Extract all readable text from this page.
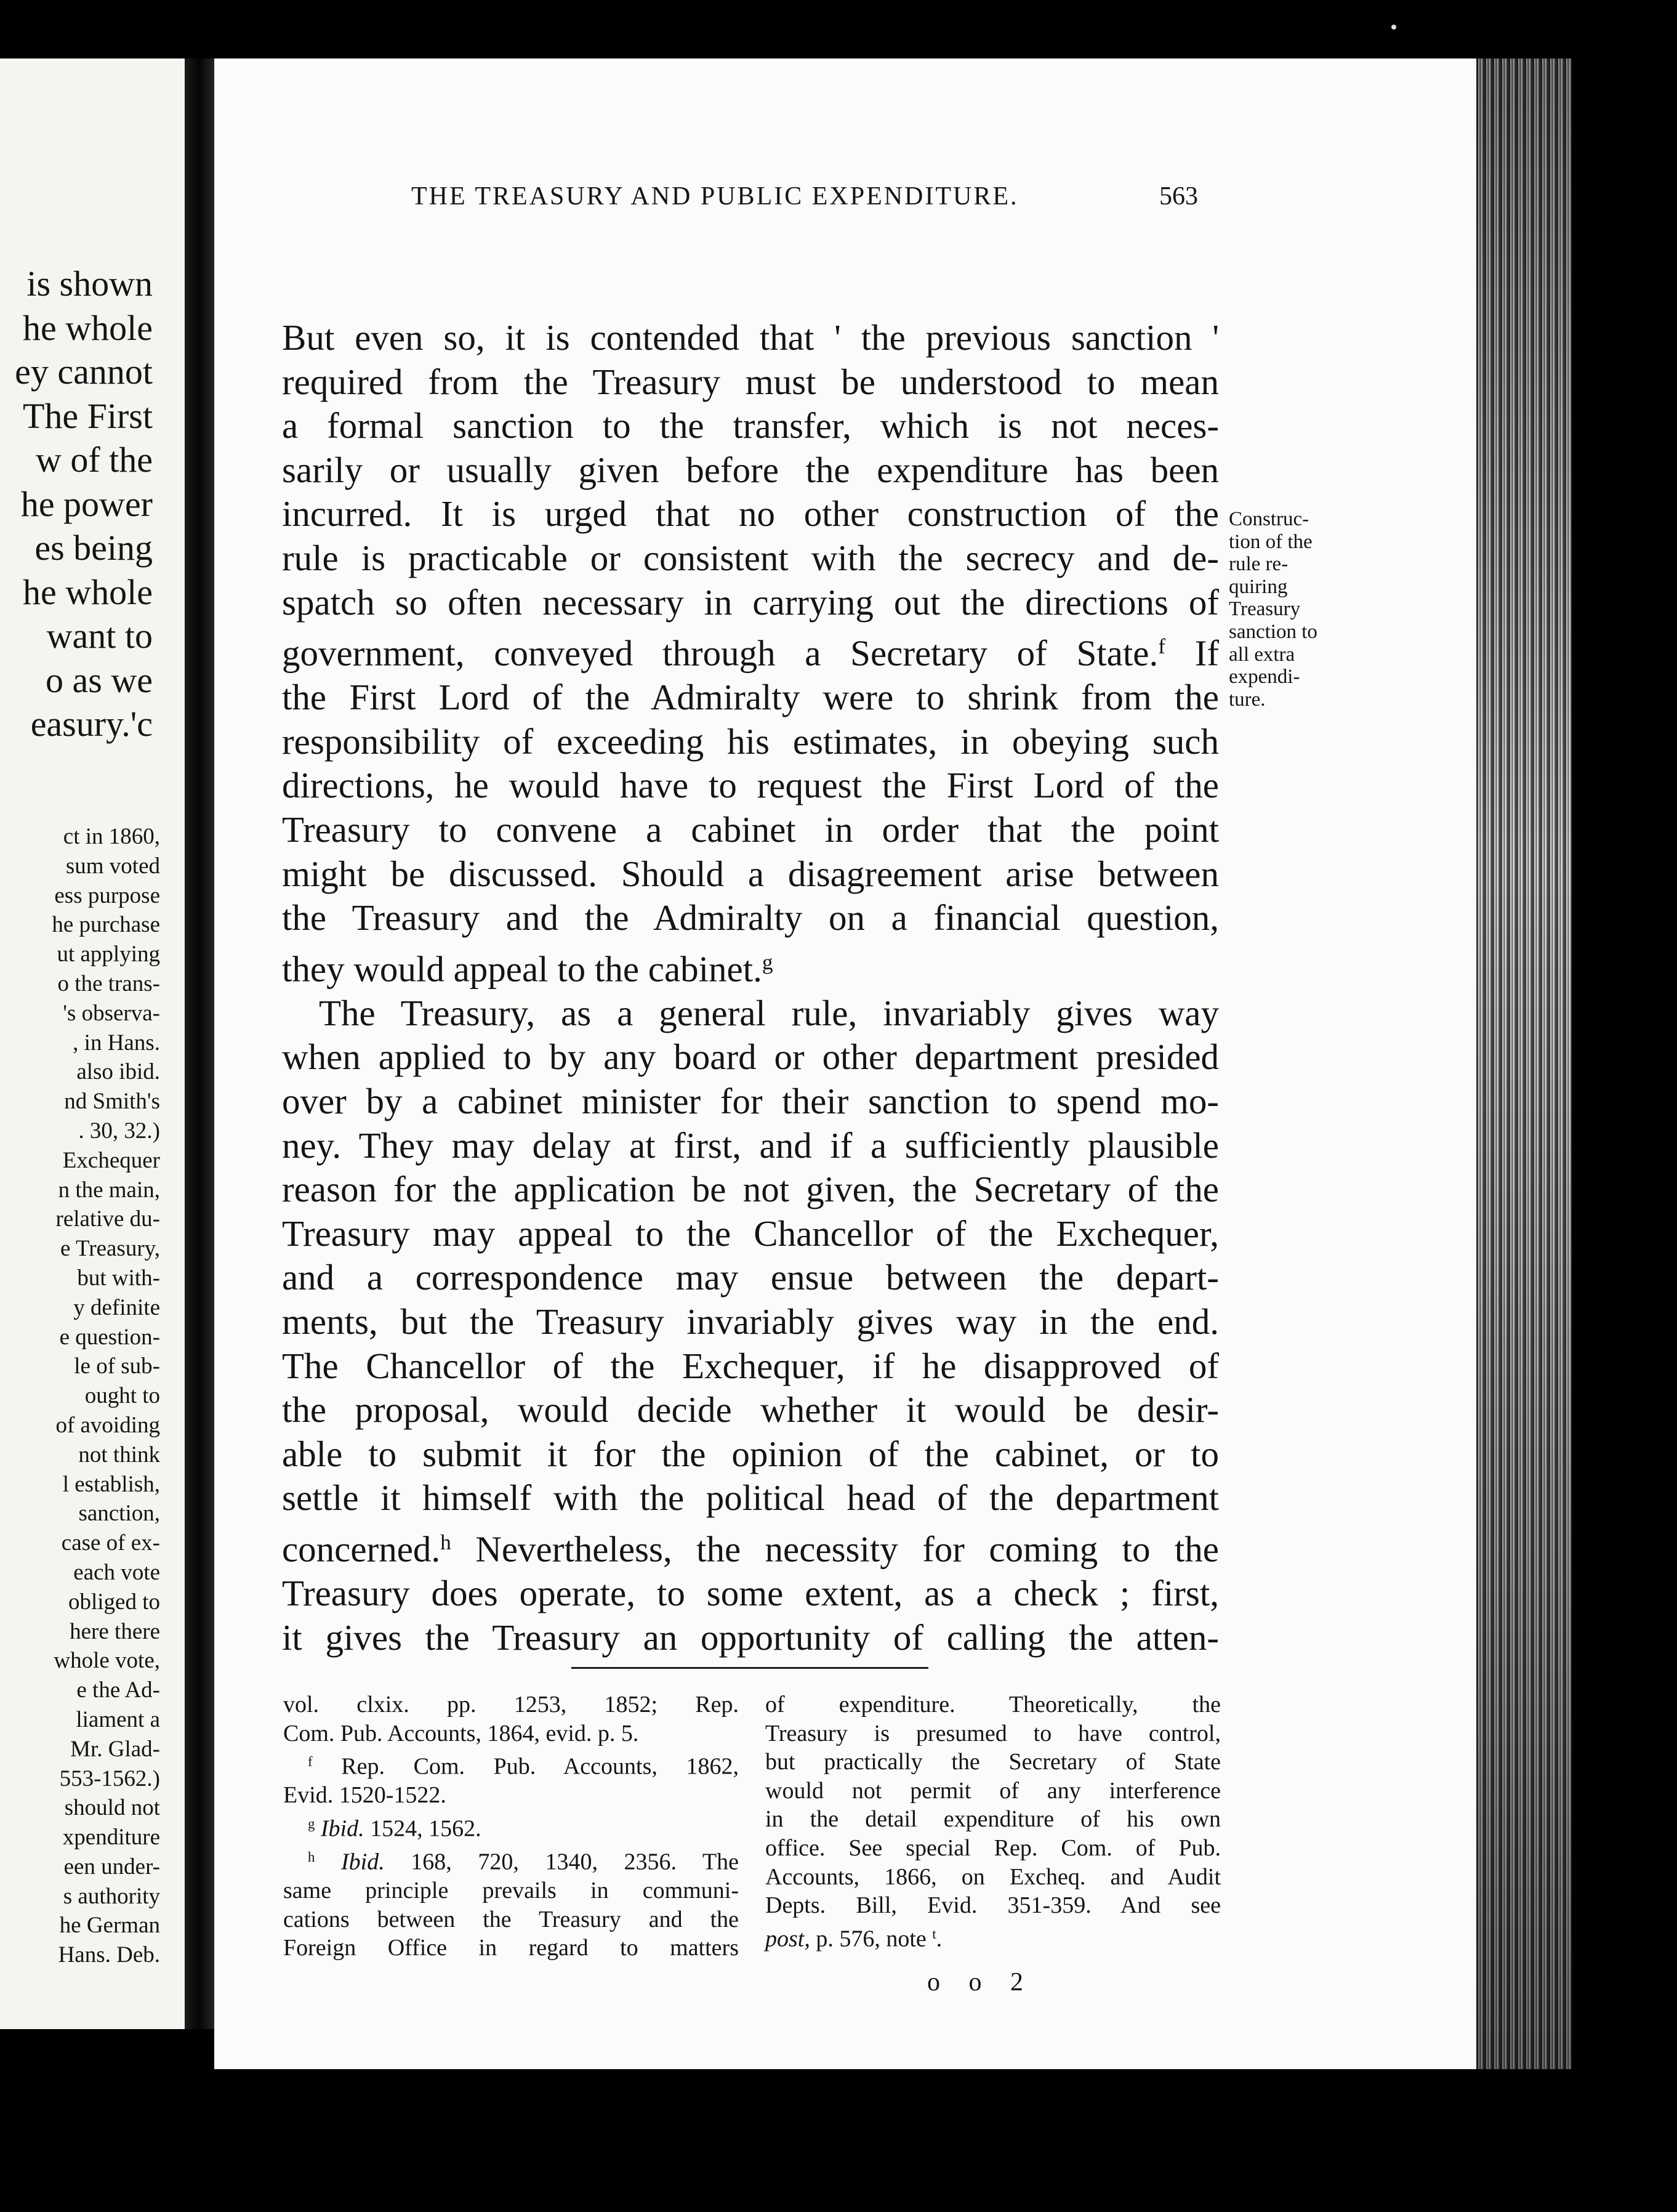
is shown
he whole
ey cannot
The First
w of the
he power
es being
he whole
want to
o as we
easury.'c
ct in 1860,
sum voted
ess purpose
he purchase
ut applying
o the trans-
's observa-
, in Hans.
also ibid.
nd Smith's
. 30, 32.)
Exchequer
n the main,
relative du-
e Treasury,
but with-
y definite
e question-
le of sub-
ought to
of avoiding
not think
l establish,
sanction,
case of ex-
each vote
obliged to
here there
whole vote,
e the Ad-
liament a
Mr. Glad-
553-1562.)
should not
xpenditure
een under-
s authority
he German
Hans. Deb.
THE TREASURY AND PUBLIC EXPENDITURE.	563
But even so, it is contended that ' the previous sanction '
required from the Treasury must be understood to mean
a formal sanction to the transfer, which is not neces-
sarily or usually given before the expenditure has been
incurred. It is urged that no other construction of the
rule is practicable or consistent with the secrecy and de-
spatch so often necessary in carrying out the directions of
government, conveyed through a Secretary of State.$^f$ If
the First Lord of the Admiralty were to shrink from the
responsibility of exceeding his estimates, in obeying such
directions, he would have to request the First Lord of the
Treasury to convene a cabinet in order that the point
might be discussed. Should a disagreement arise between
the Treasury and the Admiralty on a financial question,
they would appeal to the cabinet.$^g$
The Treasury, as a general rule, invariably gives way
when applied to by any board or other department presided
over by a cabinet minister for their sanction to spend mo-
ney. They may delay at first, and if a sufficiently plausible
reason for the application be not given, the Secretary of the
Treasury may appeal to the Chancellor of the Exchequer,
and a correspondence may ensue between the depart-
ments, but the Treasury invariably gives way in the end.
The Chancellor of the Exchequer, if he disapproved of
the proposal, would decide whether it would be desir-
able to submit it for the opinion of the cabinet, or to
settle it himself with the political head of the department
concerned.$^h$ Nevertheless, the necessity for coming to the
Treasury does operate, to some extent, as a check ; first,
it gives the Treasury an opportunity of calling the atten-
Construc-
tion of the
rule re-
quiring
Treasury
sanction to
all extra
expendi-
ture.
vol. clxix. pp. 1253, 1852; Rep.
Com. Pub. Accounts, 1864, evid. p. 5.
$^f$ Rep. Com. Pub. Accounts, 1862,
Evid. 1520-1522.
$^g$ Ibid. 1524, 1562.
$^h$ Ibid. 168, 720, 1340, 2356. The
same principle prevails in communi-
cations between the Treasury and the
Foreign Office in regard to matters
of expenditure. Theoretically, the
Treasury is presumed to have control,
but practically the Secretary of State
would not permit of any interference
in the detail expenditure of his own
office. See special Rep. Com. of Pub.
Accounts, 1866, on Excheq. and Audit
Depts. Bill, Evid. 351-359. And see
post, p. 576, note $^t$.
o o 2
